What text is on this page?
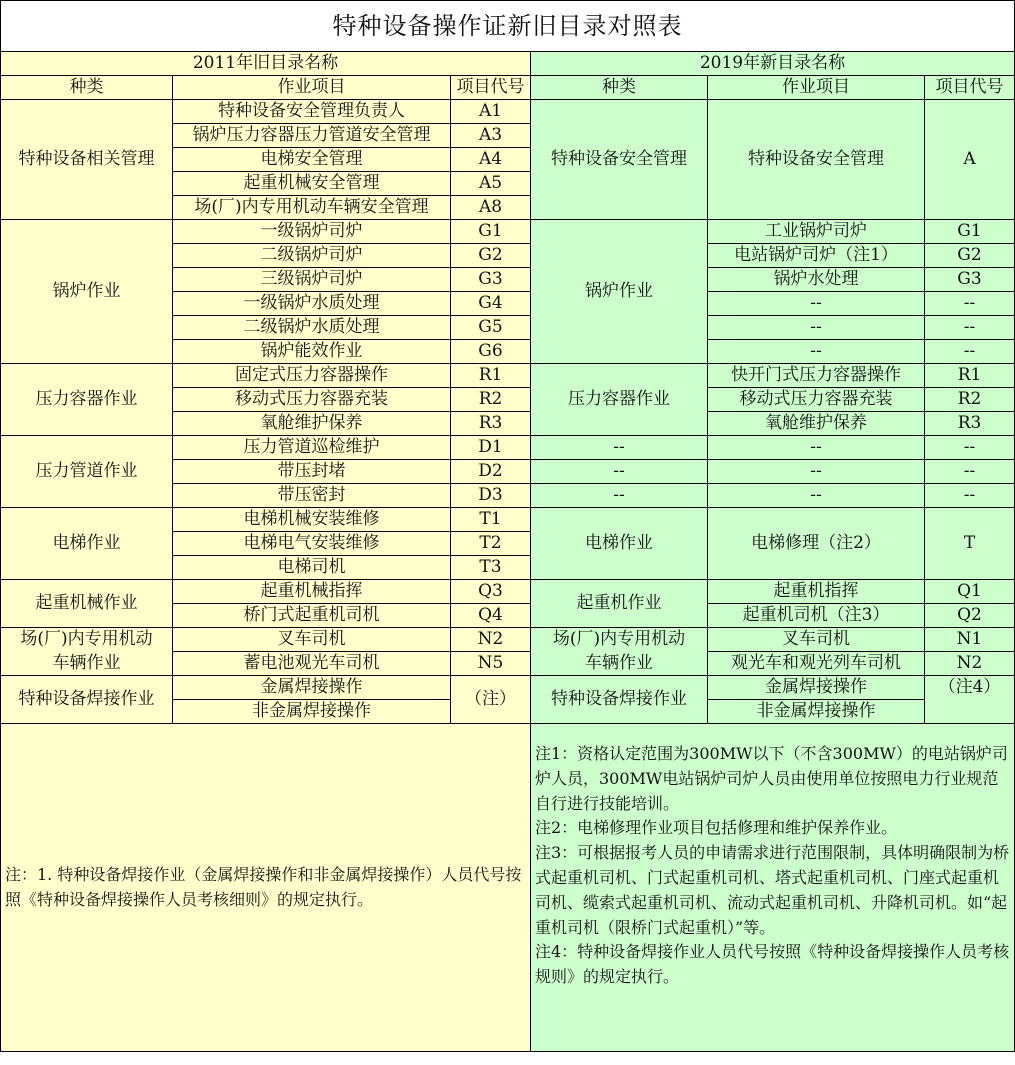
特种设备操作证新旧目录对照表					
2011年旧目录名称			2019年新目录名称		
种类	作业项目	项目代号	种类	作业项目	项目代号
特种设备相关管理	特种设备安全管理负责人	A1	特种设备安全管理	特种设备安全管理	A
	锅炉压力容器压力管道安全管理	A3			
	电梯安全管理	A4			
	起重机械安全管理	A5			
	场(厂)内专用机动车辆安全管理	A8			
锅炉作业	一级锅炉司炉	G1	锅炉作业	工业锅炉司炉	G1
	二级锅炉司炉	G2		电站锅炉司炉（注1）	G2
	三级锅炉司炉	G3		锅炉水处理	G3
	一级锅炉水质处理	G4		--	--
	二级锅炉水质处理	G5		--	--
	锅炉能效作业	G6		--	--
压力容器作业	固定式压力容器操作	R1	压力容器作业	快开门式压力容器操作	R1
	移动式压力容器充装	R2		移动式压力容器充装	R2
	氧舱维护保养	R3		氧舱维护保养	R3
压力管道作业	压力管道巡检维护	D1	--	--	--
	带压封堵	D2	--	--	--
	带压密封	D3	--	--	--
电梯作业	电梯机械安装维修	T1	电梯作业	电梯修理（注2）	T
	电梯电气安装维修	T2			
	电梯司机	T3			
起重机械作业	起重机械指挥	Q3	起重机作业	起重机指挥	Q1
	桥门式起重机司机	Q4		起重机司机（注3）	Q2
场(厂)内专用机动	叉车司机	N2	场(厂)内专用机动	叉车司机	N1
车辆作业	蓄电池观光车司机	N5	车辆作业	观光车和观光列车司机	N2
特种设备焊接作业	金属焊接操作	（注）	特种设备焊接作业	金属焊接操作	（注4）
	非金属焊接操作			非金属焊接操作	
注：1. 特种设备焊接作业（金属焊接操作和非金属焊接操作）人员代号按照《特种设备焊接操作人员考核细则》的规定执行。			注1：资格认定范围为300MW以下（不含300MW）的电站锅炉司炉人员，300MW电站锅炉司炉人员由使用单位按照电力行业规范自行进行技能培训。

注2：电梯修理作业项目包括修理和维护保养作业。

注3：可根据报考人员的申请需求进行范围限制，具体明确限制为桥式起重机司机、门式起重机司机、塔式起重机司机、门座式起重机司机、缆索式起重机司机、流动式起重机司机、升降机司机。如“起重机司机（限桥门式起重机）”等。

注4：特种设备焊接作业人员代号按照《特种设备焊接操作人员考核规则》的规定执行。		
